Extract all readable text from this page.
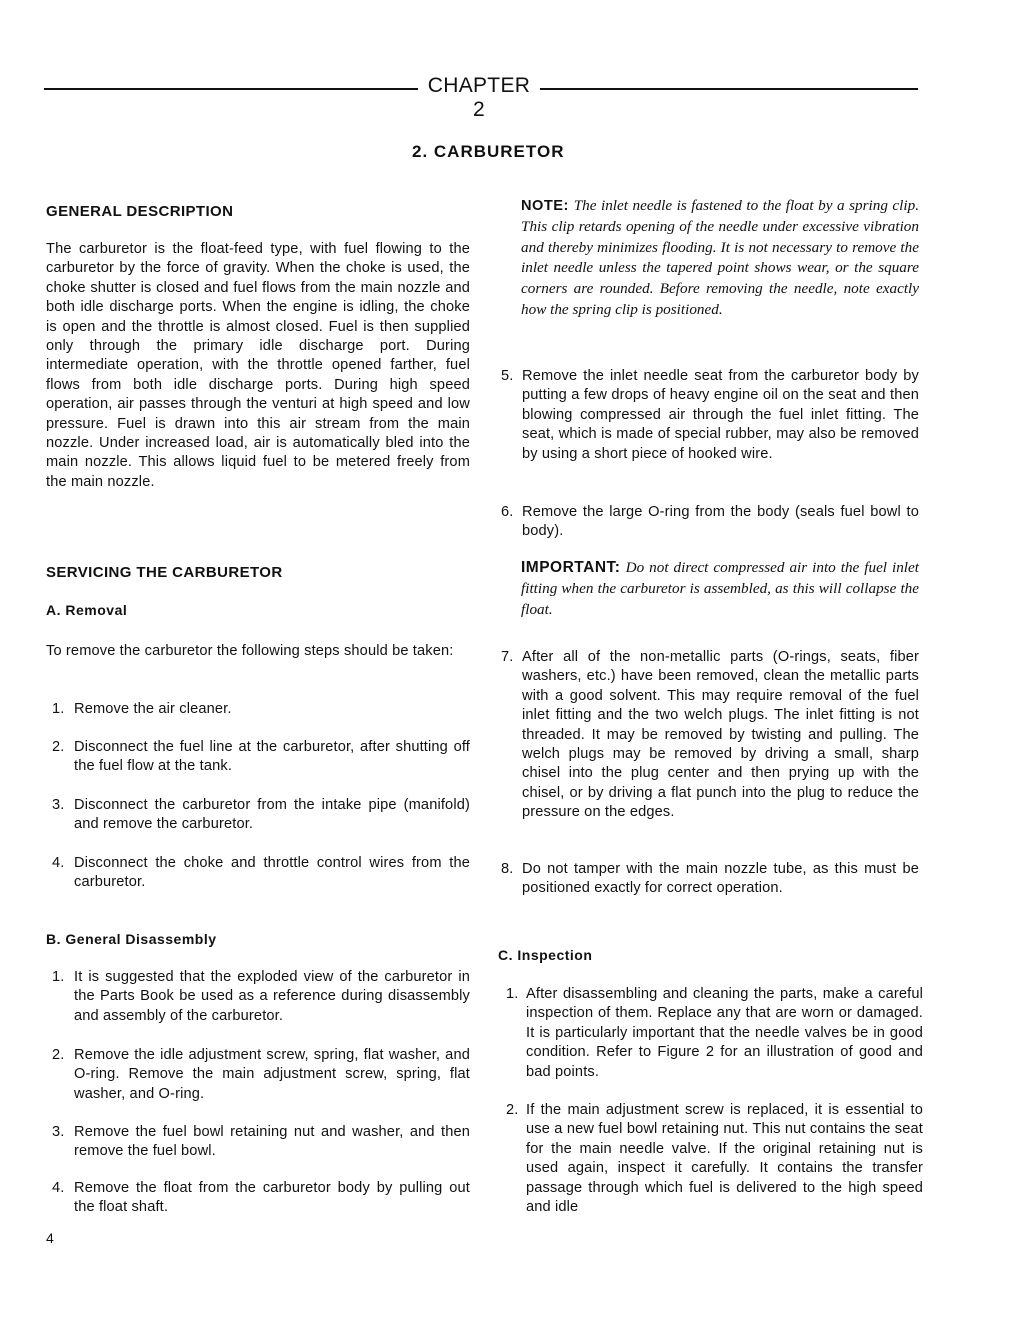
CHAPTER 2
2. CARBURETOR
GENERAL DESCRIPTION

The carburetor is the float-feed type, with fuel flowing to the carburetor by the force of gravity. When the choke is used, the choke shutter is closed and fuel flows from the main nozzle and both idle discharge ports. When the engine is idling, the choke is open and the throttle is almost closed. Fuel is then supplied only through the primary idle discharge port. During intermediate operation, with the throttle opened farther, fuel flows from both idle discharge ports. During high speed operation, air passes through the venturi at high speed and low pressure. Fuel is drawn into this air stream from the main nozzle. Under increased load, air is automatically bled into the main nozzle. This allows liquid fuel to be metered freely from the main nozzle.

SERVICING THE CARBURETOR
A. Removal

To remove the carburetor the following steps should be taken:

1. Remove the air cleaner.
2. Disconnect the fuel line at the carburetor, after shutting off the fuel flow at the tank.
3. Disconnect the carburetor from the intake pipe (manifold) and remove the carburetor.
4. Disconnect the choke and throttle control wires from the carburetor.
B. General Disassembly
1. It is suggested that the exploded view of the carburetor in the Parts Book be used as a reference during disassembly and assembly of the carburetor.
2. Remove the idle adjustment screw, spring, flat washer, and O-ring. Remove the main adjustment screw, spring, flat washer, and O-ring.
3. Remove the fuel bowl retaining nut and washer, and then remove the fuel bowl.
4. Remove the float from the carburetor body by pulling out the float shaft.
NOTE: The inlet needle is fastened to the float by a spring clip. This clip retards opening of the needle under excessive vibration and thereby minimizes flooding. It is not necessary to remove the inlet needle unless the tapered point shows wear, or the square corners are rounded. Before removing the needle, note exactly how the spring clip is positioned.
5. Remove the inlet needle seat from the carburetor body by putting a few drops of heavy engine oil on the seat and then blowing compressed air through the fuel inlet fitting. The seat, which is made of special rubber, may also be removed by using a short piece of hooked wire.
6. Remove the large O-ring from the body (seals fuel bowl to body).
IMPORTANT: Do not direct compressed air into the fuel inlet fitting when the carburetor is assembled, as this will collapse the float.
7. After all of the non-metallic parts (O-rings, seats, fiber washers, etc.) have been removed, clean the metallic parts with a good solvent. This may require removal of the fuel inlet fitting and the two welch plugs. The inlet fitting is not threaded. It may be removed by twisting and pulling. The welch plugs may be removed by driving a small, sharp chisel into the plug center and then prying up with the chisel, or by driving a flat punch into the plug to reduce the pressure on the edges.
8. Do not tamper with the main nozzle tube, as this must be positioned exactly for correct operation.
C. Inspection
1. After disassembling and cleaning the parts, make a careful inspection of them. Replace any that are worn or damaged. It is particularly important that the needle valves be in good condition. Refer to Figure 2 for an illustration of good and bad points.
2. If the main adjustment screw is replaced, it is essential to use a new fuel bowl retaining nut. This nut contains the seat for the main needle valve. If the original retaining nut is used again, inspect it carefully. It contains the transfer passage through which fuel is delivered to the high speed and idle
4
